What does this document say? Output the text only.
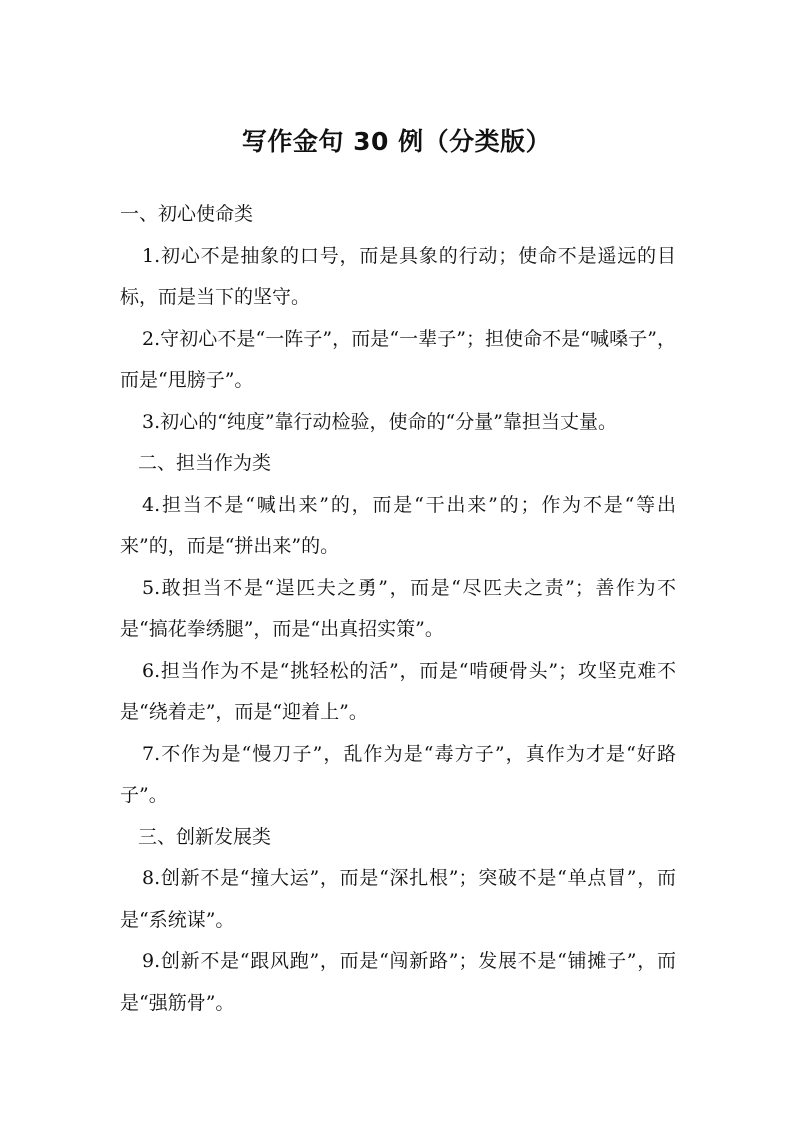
写作金句 30 例（分类版）

一、初心使命类

1.初心不是抽象的口号，而是具象的行动；使命不是遥远的目标，而是当下的坚守。

2.守初心不是“一阵子”，而是“一辈子”；担使命不是“喊嗓子”，而是“甩膀子”。

3.初心的“纯度”靠行动检验，使命的“分量”靠担当丈量。

二、担当作为类

4.担当不是“喊出来”的，而是“干出来”的；作为不是“等出来”的，而是“拼出来”的。

5.敢担当不是“逞匹夫之勇”，而是“尽匹夫之责”；善作为不是“搞花拳绣腿”，而是“出真招实策”。

6.担当作为不是“挑轻松的活”，而是“啃硬骨头”；攻坚克难不是“绕着走”，而是“迎着上”。

7.不作为是“慢刀子”，乱作为是“毒方子”，真作为才是“好路子”。

三、创新发展类

8.创新不是“撞大运”，而是“深扎根”；突破不是“单点冒”，而是“系统谋”。

9.创新不是“跟风跑”，而是“闯新路”；发展不是“铺摊子”，而是“强筋骨”。
